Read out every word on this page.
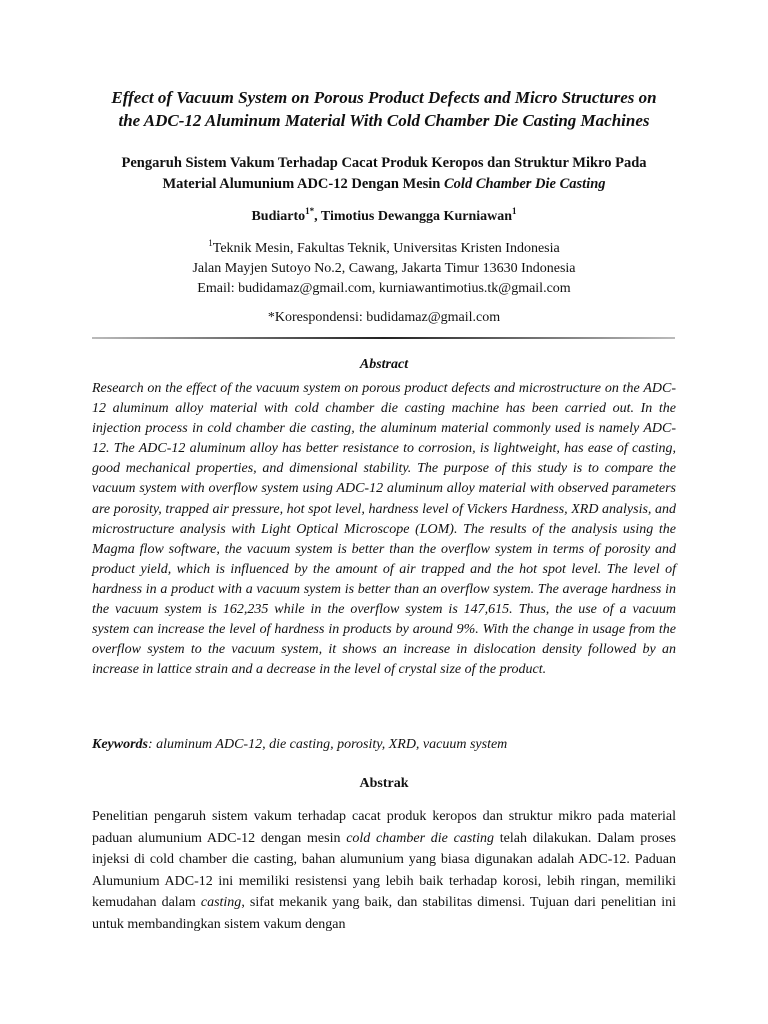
Effect of Vacuum System on Porous Product Defects and Micro Structures on
the ADC-12 Aluminum Material With Cold Chamber Die Casting Machines
Pengaruh Sistem Vakum Terhadap Cacat Produk Keropos dan Struktur Mikro Pada
Material Alumunium ADC-12 Dengan Mesin Cold Chamber Die Casting
Budiarto$^{1*}$, Timotius Dewangga Kurniawan$^1$
$^1$Teknik Mesin, Fakultas Teknik, Universitas Kristen Indonesia
Jalan Mayjen Sutoyo No.2, Cawang, Jakarta Timur 13630 Indonesia
Email: budidamaz@gmail.com, kurniawantimotius.tk@gmail.com
*Korespondensi: budidamaz@gmail.com
Abstract
Research on the effect of the vacuum system on porous product defects and microstructure on the ADC-12 aluminum alloy material with cold chamber die casting machine has been carried out. In the injection process in cold chamber die casting, the aluminum material commonly used is namely ADC-12. The ADC-12 aluminum alloy has better resistance to corrosion, is lightweight, has ease of casting, good mechanical properties, and dimensional stability. The purpose of this study is to compare the vacuum system with overflow system using ADC-12 aluminum alloy material with observed parameters are porosity, trapped air pressure, hot spot level, hardness level of Vickers Hardness, XRD analysis, and microstructure analysis with Light Optical Microscope (LOM). The results of the analysis using the Magma flow software, the vacuum system is better than the overflow system in terms of porosity and product yield, which is influenced by the amount of air trapped and the hot spot level. The level of hardness in a product with a vacuum system is better than an overflow system. The average hardness in the vacuum system is 162,235 while in the overflow system is 147,615. Thus, the use of a vacuum system can increase the level of hardness in products by around 9%. With the change in usage from the overflow system to the vacuum system, it shows an increase in dislocation density followed by an increase in lattice strain and a decrease in the level of crystal size of the product.
Keywords: aluminum ADC-12, die casting, porosity, XRD, vacuum system
Abstrak
Penelitian pengaruh sistem vakum terhadap cacat produk keropos dan struktur mikro pada material paduan alumunium ADC-12 dengan mesin cold chamber die casting telah dilakukan. Dalam proses injeksi di cold chamber die casting, bahan alumunium yang biasa digunakan adalah ADC-12. Paduan Alumunium ADC-12 ini memiliki resistensi yang lebih baik terhadap korosi, lebih ringan, memiliki kemudahan dalam casting, sifat mekanik yang baik, dan stabilitas dimensi. Tujuan dari penelitian ini untuk membandingkan sistem vakum dengan
